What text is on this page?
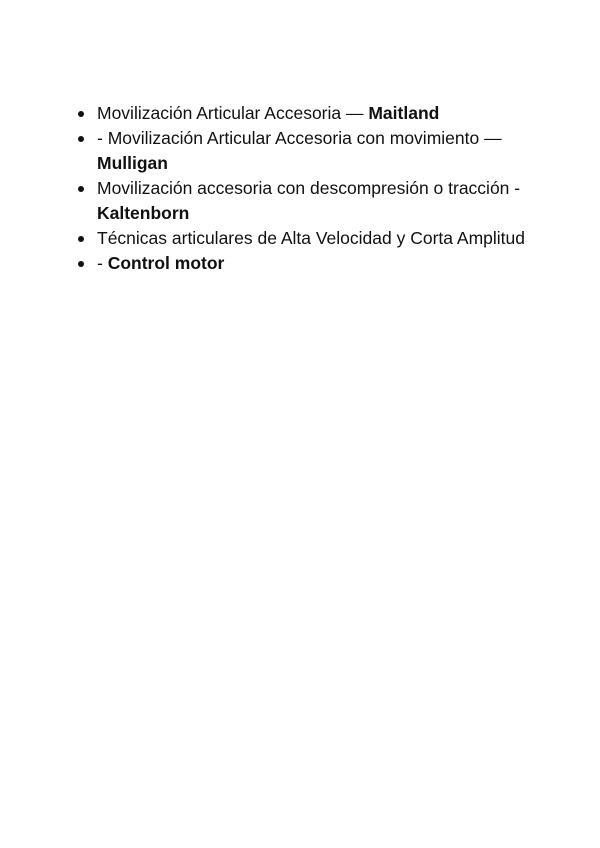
Movilización Articular Accesoria — Maitland
- Movilización Articular Accesoria con movimiento — Mulligan
Movilización accesoria con descompresión o tracción - Kaltenborn
Técnicas articulares de Alta Velocidad y Corta Amplitud
- Control motor
